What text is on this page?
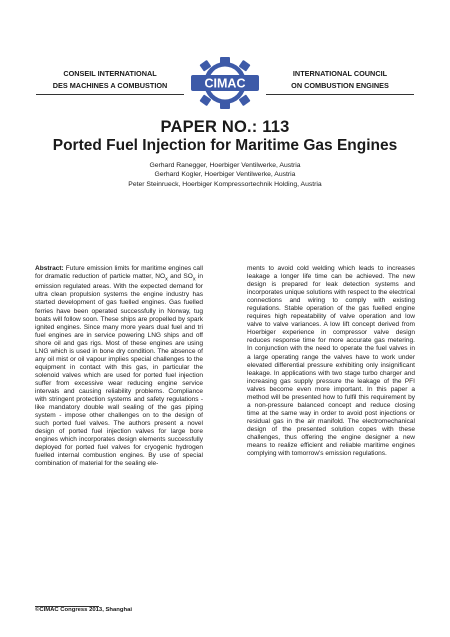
CONSEIL INTERNATIONAL
DES MACHINES A COMBUSTION	CIMAC
INTERNATIONAL COUNCIL
ON COMBUSTION ENGINES
PAPER NO.: 113
Ported Fuel Injection for Maritime Gas Engines
Gerhard Ranegger, Hoerbiger Ventilwerke, Austria
Gerhard Kogler, Hoerbiger Ventilwerke, Austria
Peter Steinrueck, Hoerbiger Kompressortechnik Holding, Austria

Abstract: Future emission limits for maritime engines call for dramatic reduction of particle matter, $NO_x$ and $SO_x$ in emission regulated areas. With the expected demand for ultra clean propulsion systems the engine industry has started development of gas fuelled engines. Gas fuelled ferries have been operated successfully in Norway, tug boats will follow soon. These ships are propelled by spark ignited engines. Since many more years dual fuel and tri fuel engines are in service powering LNG ships and off shore oil and gas rigs. Most of these engines are using LNG which is used in bone dry condition. The absence of any oil mist or oil vapour implies special challenges to the equipment in contact with this gas, in particular the solenoid valves which are used for ported fuel injection suffer from excessive wear reducing engine service intervals and causing reliability problems. Compliance with stringent protection systems and safety regulations - like mandatory double wall sealing of the gas piping system - impose other challenges on to the design of such ported fuel valves. The authors present a novel design of ported fuel injection valves for large bore engines which incorporates design elements successfully deployed for ported fuel valves for cryogenic hydrogen fuelled internal combustion engines. By use of special combination of material for the sealing ele-

ments to avoid cold welding which leads to increases leakage a longer life time can be achieved. The new design is prepared for leak detection systems and incorporates unique solutions with respect to the electrical connections and wiring to comply with existing regulations. Stable operation of the gas fuelled engine requires high repeatability of valve operation and low valve to valve variances. A low lift concept derived from Hoerbiger experience in compressor valve design reduces response time for more accurate gas metering. In conjunction with the need to operate the fuel valves in a large operating range the valves have to work under elevated differential pressure exhibiting only insignificant leakage. In applications with two stage turbo charger and increasing gas supply pressure the leakage of the PFI valves become even more important. In this paper a method will be presented how to fulfil this requirement by a non-pressure balanced concept and reduce closing time at the same way in order to avoid post injections or residual gas in the air manifold. The electromechanical design of the presented solution copes with these challenges, thus offering the engine designer a new means to realize efficient and reliable maritime engines complying with tomorrow's emission regulations.

©CIMAC Congress 2013, Shanghai
